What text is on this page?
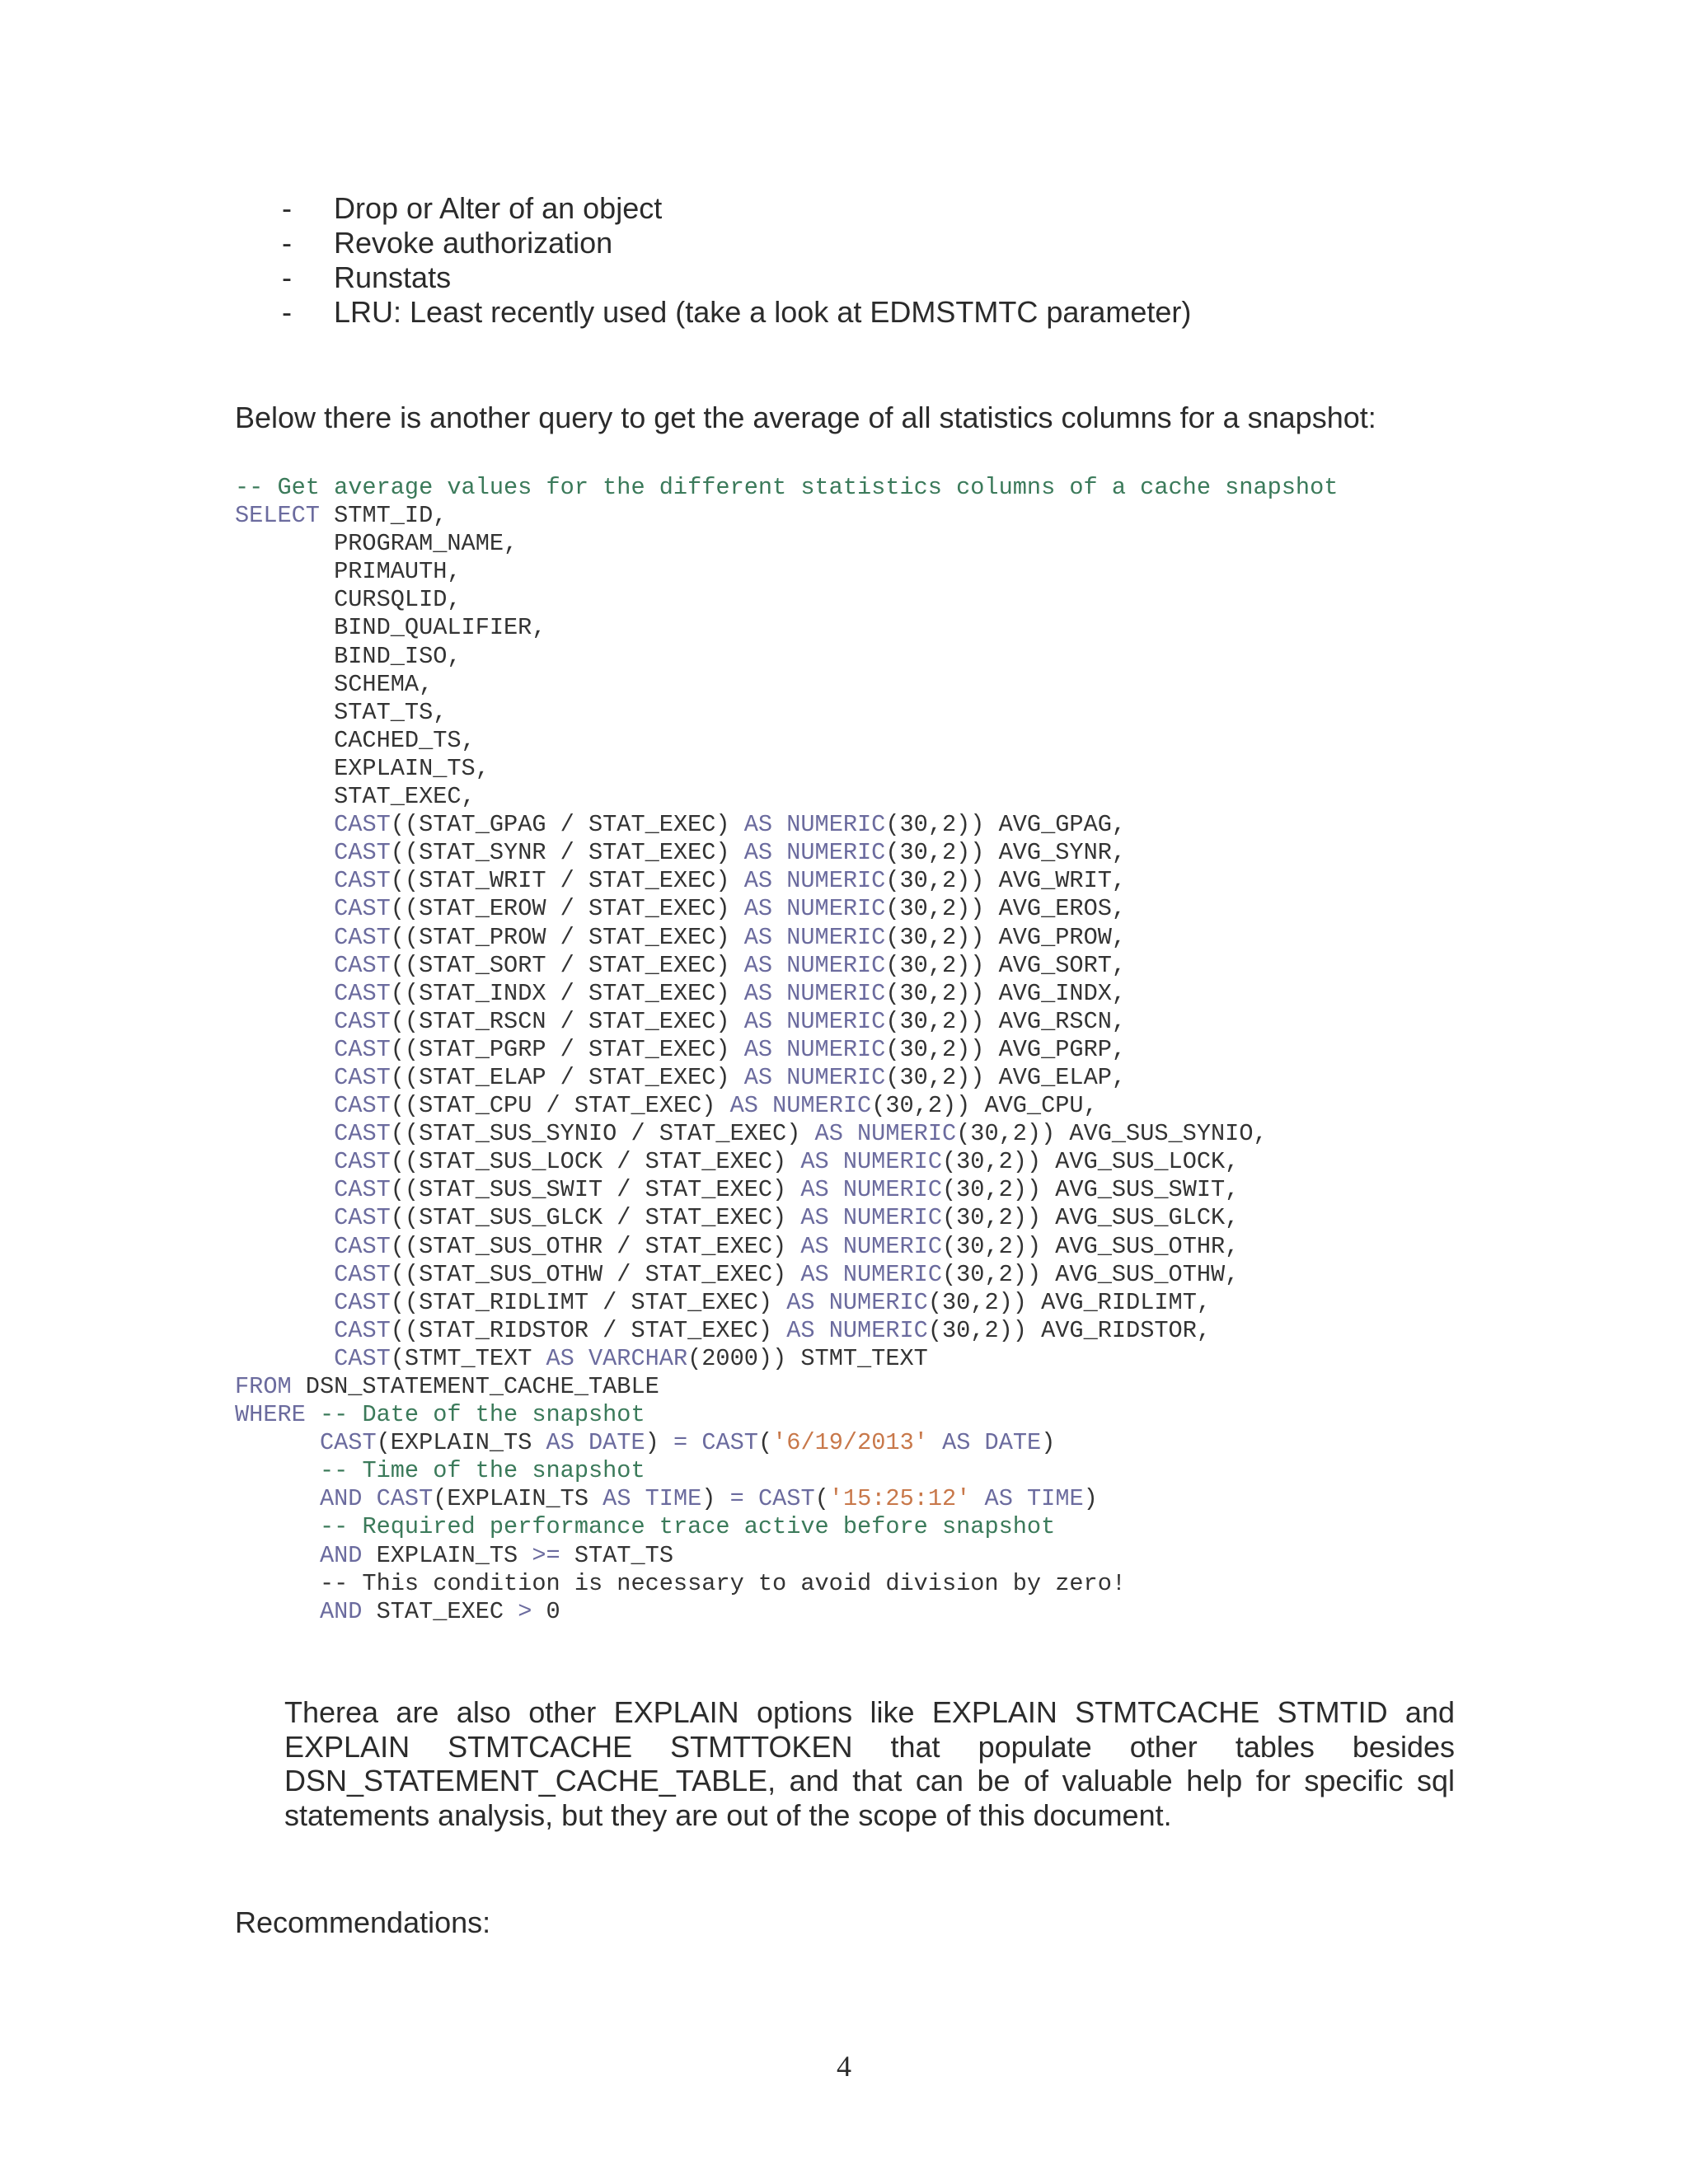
- Drop or Alter of an object
- Revoke authorization
- Runstats
- LRU: Least recently used (take a look at EDMSTMTC parameter)

Below there is another query to get the average of all statistics columns for a snapshot:

-- Get average values for the different statistics columns of a cache snapshot
SELECT STMT_ID,
PROGRAM_NAME,
PRIMAUTH,
CURSQLID,
BIND_QUALIFIER,
BIND_ISO,
SCHEMA,
STAT_TS,
CACHED_TS,
EXPLAIN_TS,
STAT_EXEC,
CAST((STAT_GPAG / STAT_EXEC) AS NUMERIC(30,2)) AVG_GPAG,
CAST((STAT_SYNR / STAT_EXEC) AS NUMERIC(30,2)) AVG_SYNR,
CAST((STAT_WRIT / STAT_EXEC) AS NUMERIC(30,2)) AVG_WRIT,
CAST((STAT_EROW / STAT_EXEC) AS NUMERIC(30,2)) AVG_EROS,
CAST((STAT_PROW / STAT_EXEC) AS NUMERIC(30,2)) AVG_PROW,
CAST((STAT_SORT / STAT_EXEC) AS NUMERIC(30,2)) AVG_SORT,
CAST((STAT_INDX / STAT_EXEC) AS NUMERIC(30,2)) AVG_INDX,
CAST((STAT_RSCN / STAT_EXEC) AS NUMERIC(30,2)) AVG_RSCN,
CAST((STAT_PGRP / STAT_EXEC) AS NUMERIC(30,2)) AVG_PGRP,
CAST((STAT_ELAP / STAT_EXEC) AS NUMERIC(30,2)) AVG_ELAP,
CAST((STAT_CPU / STAT_EXEC) AS NUMERIC(30,2)) AVG_CPU,
CAST((STAT_SUS_SYNIO / STAT_EXEC) AS NUMERIC(30,2)) AVG_SUS_SYNIO,
CAST((STAT_SUS_LOCK / STAT_EXEC) AS NUMERIC(30,2)) AVG_SUS_LOCK,
CAST((STAT_SUS_SWIT / STAT_EXEC) AS NUMERIC(30,2)) AVG_SUS_SWIT,
CAST((STAT_SUS_GLCK / STAT_EXEC) AS NUMERIC(30,2)) AVG_SUS_GLCK,
CAST((STAT_SUS_OTHR / STAT_EXEC) AS NUMERIC(30,2)) AVG_SUS_OTHR,
CAST((STAT_SUS_OTHW / STAT_EXEC) AS NUMERIC(30,2)) AVG_SUS_OTHW,
CAST((STAT_RIDLIMT / STAT_EXEC) AS NUMERIC(30,2)) AVG_RIDLIMT,
CAST((STAT_RIDSTOR / STAT_EXEC) AS NUMERIC(30,2)) AVG_RIDSTOR,
CAST(STMT_TEXT AS VARCHAR(2000)) STMT_TEXT
FROM DSN_STATEMENT_CACHE_TABLE
WHERE -- Date of the snapshot
CAST(EXPLAIN_TS AS DATE) = CAST('6/19/2013' AS DATE)
-- Time of the snapshot
AND CAST(EXPLAIN_TS AS TIME) = CAST('15:25:12' AS TIME)
-- Required performance trace active before snapshot
AND EXPLAIN_TS >= STAT_TS
-- This condition is necessary to avoid division by zero!
AND STAT_EXEC > 0

Therea are also other EXPLAIN options like EXPLAIN STMTCACHE STMTID and EXPLAIN STMTCACHE STMTTOKEN that populate other tables besides DSN_STATEMENT_CACHE_TABLE, and that can be of valuable help for specific sql statements analysis, but they are out of the scope of this document.

Recommendations:

4
